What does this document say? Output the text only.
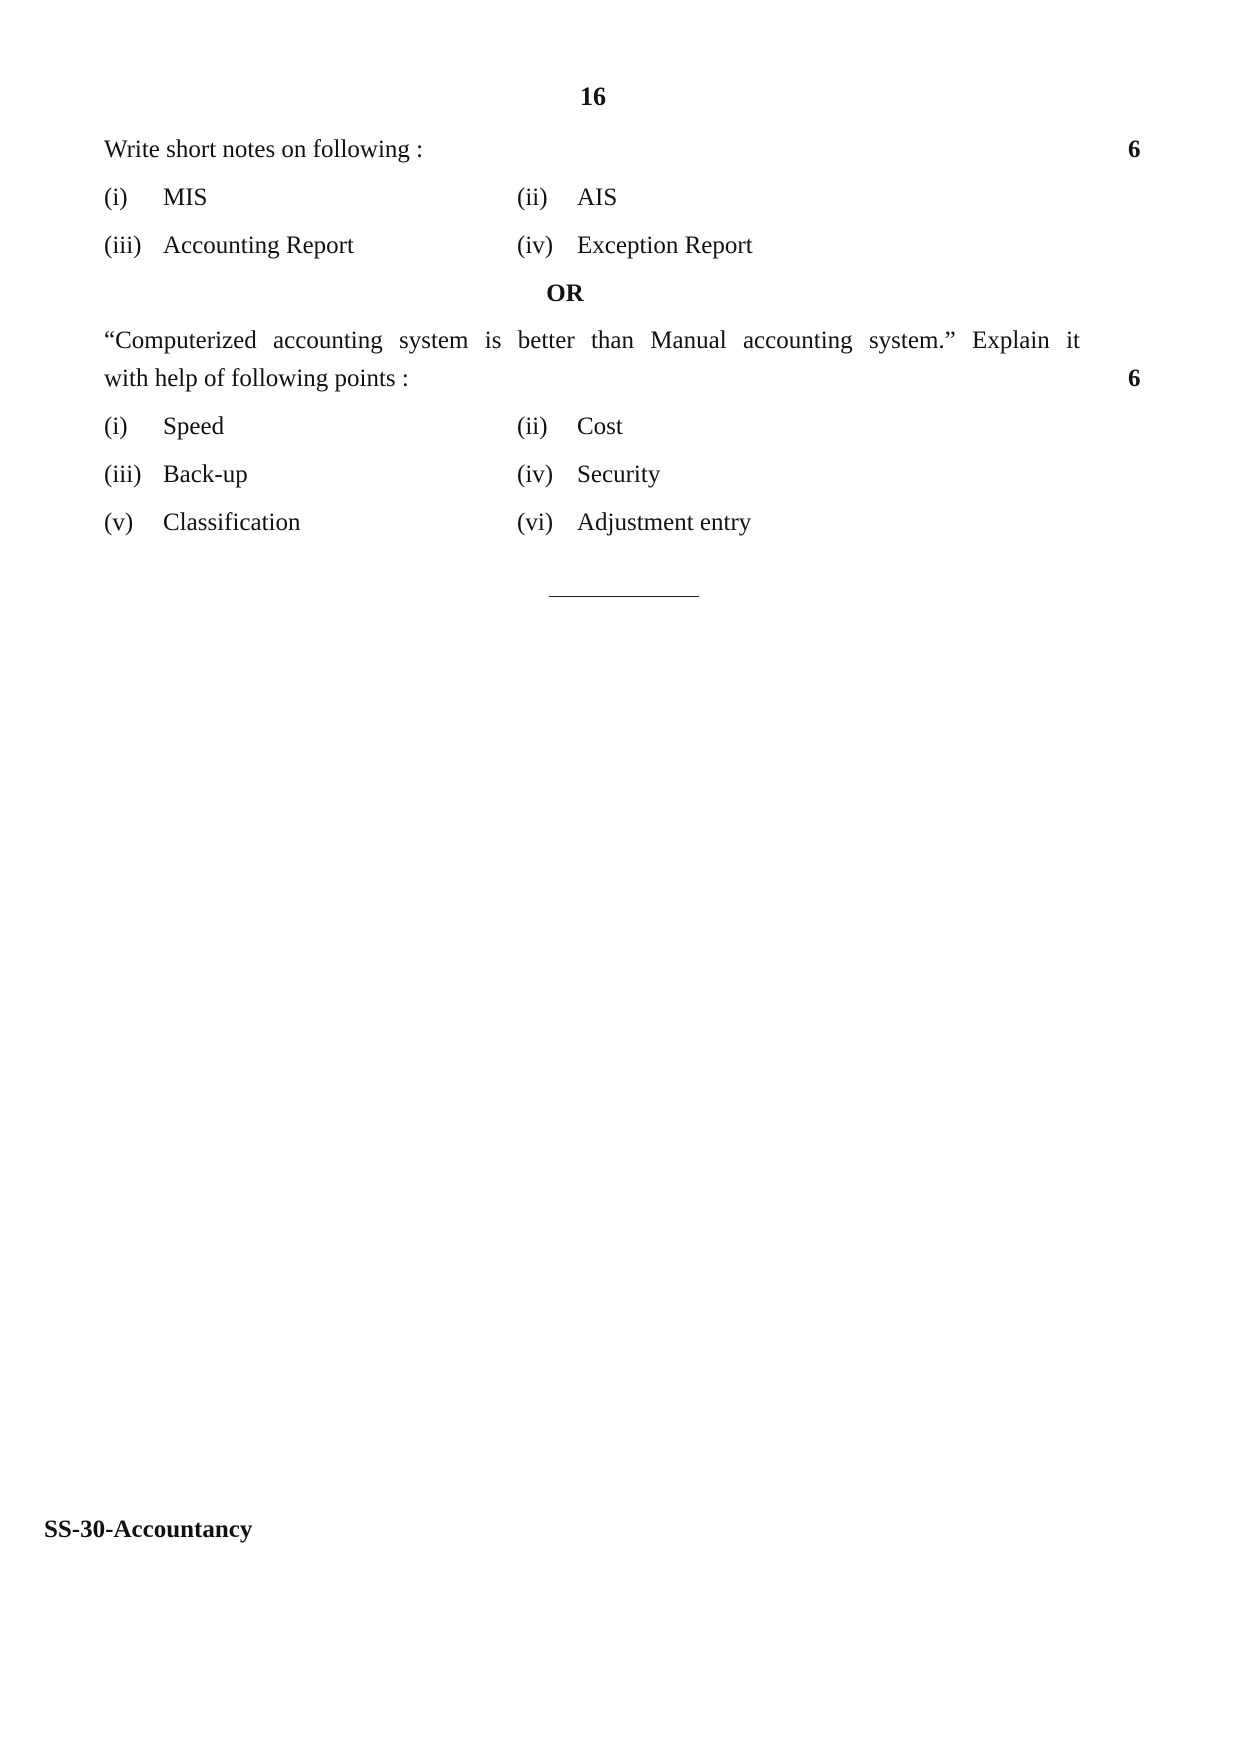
16
Write short notes on following :	6
(i) MIS	(ii) AIS
(iii) Accounting Report	(iv) Exception Report
OR
“Computerized accounting system is better than Manual accounting system.” Explain it
with help of following points :	6
(i) Speed	(ii) Cost
(iii) Back-up	(iv) Security
(v) Classification	(vi) Adjustment entry
SS-30-Accountancy
